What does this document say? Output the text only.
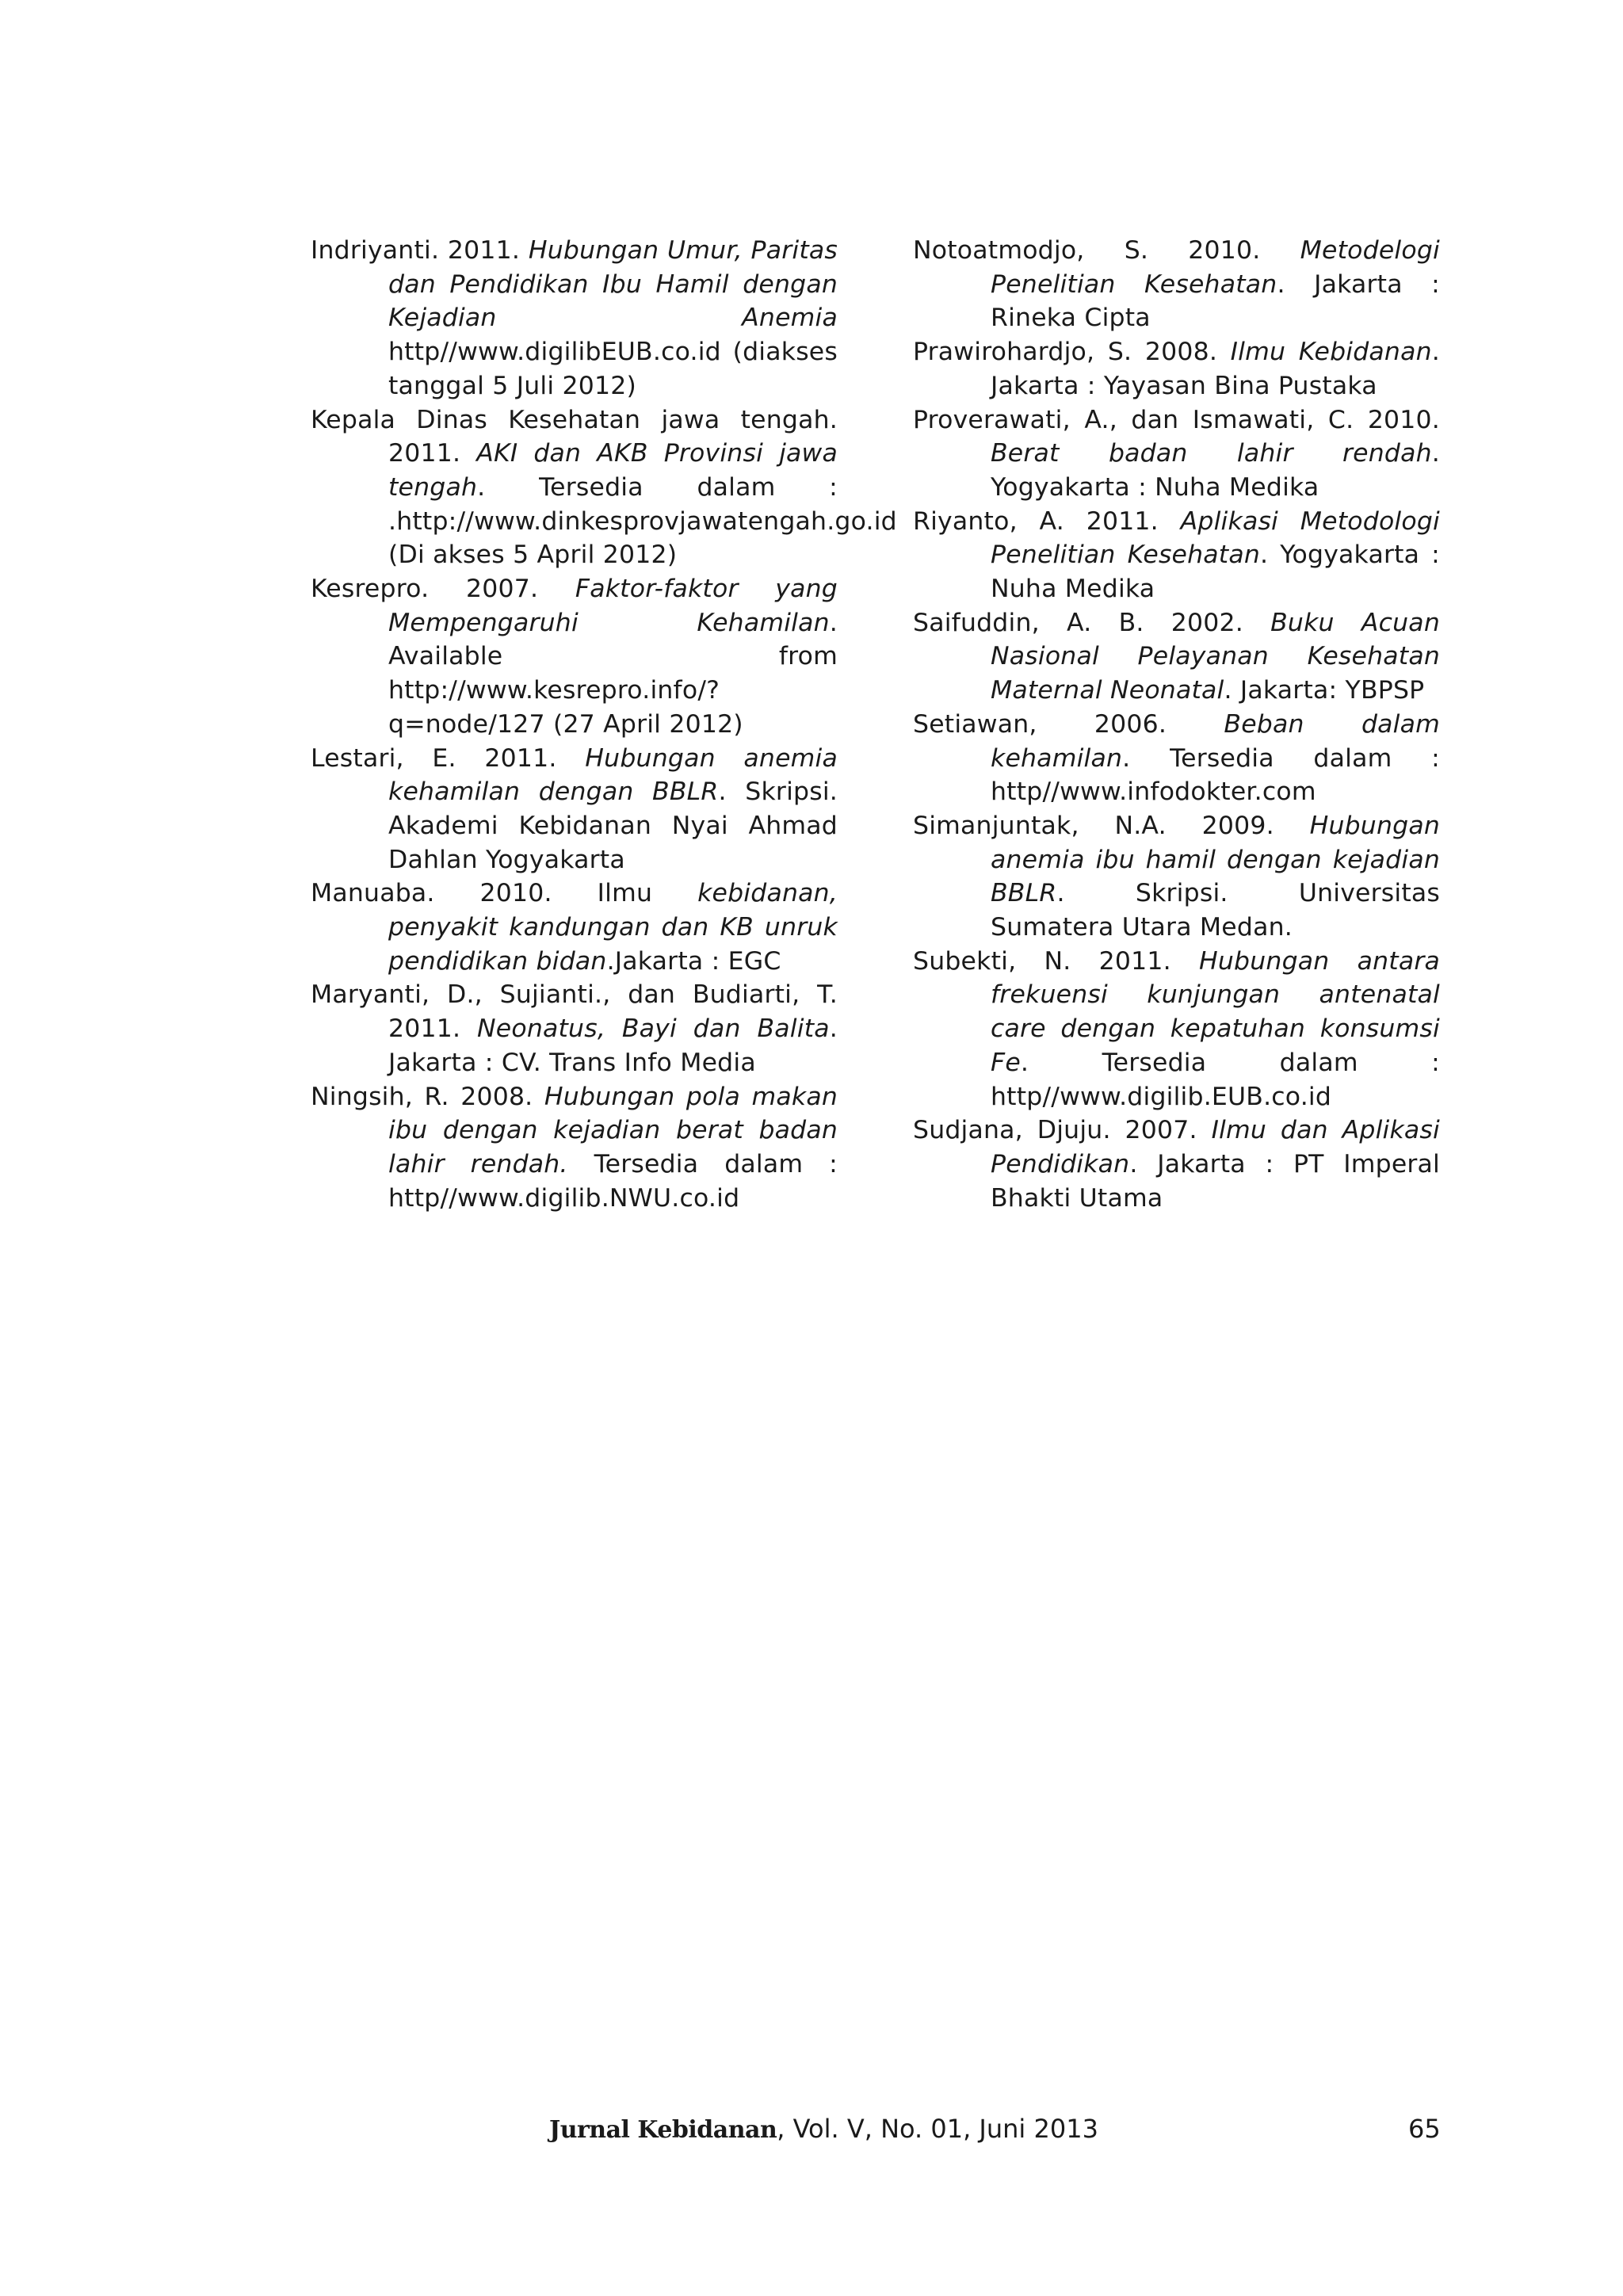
Indriyanti. 2011. Hubungan Umur, Paritas dan Pendidikan Ibu Hamil dengan Kejadian Anemia http//www.digilibEUB.co.id (diakses tanggal 5 Juli 2012)

Kepala Dinas Kesehatan jawa tengah. 2011. AKI dan AKB Provinsi jawa tengah. Tersedia dalam : .http://www.dinkesprovjawatengah.go.id (Di akses 5 April 2012)

Kesrepro. 2007. Faktor-faktor yang Mempengaruhi Kehamilan. Available from http://www.kesrepro.info/?q=node/127 (27 April 2012)

Lestari, E. 2011. Hubungan anemia kehamilan dengan BBLR. Skripsi. Akademi Kebidanan Nyai Ahmad Dahlan Yogyakarta

Manuaba. 2010. Ilmu kebidanan, penyakit kandungan dan KB unruk pendidikan bidan.Jakarta : EGC

Maryanti, D., Sujianti., dan Budiarti, T. 2011. Neonatus, Bayi dan Balita. Jakarta : CV. Trans Info Media

Ningsih, R. 2008. Hubungan pola makan ibu dengan kejadian berat badan lahir rendah. Tersedia dalam : http//www.digilib.NWU.co.id

Notoatmodjo, S. 2010. Metodelogi Penelitian Kesehatan. Jakarta : Rineka Cipta

Prawirohardjo, S. 2008. Ilmu Kebidanan. Jakarta : Yayasan Bina Pustaka

Proverawati, A., dan Ismawati, C. 2010. Berat badan lahir rendah. Yogyakarta : Nuha Medika

Riyanto, A. 2011. Aplikasi Metodologi Penelitian Kesehatan. Yogyakarta : Nuha Medika

Saifuddin, A. B. 2002. Buku Acuan Nasional Pelayanan Kesehatan Maternal Neonatal. Jakarta: YBPSP

Setiawan, 2006. Beban dalam kehamilan. Tersedia dalam : http//www.infodokter.com

Simanjuntak, N.A. 2009. Hubungan anemia ibu hamil dengan kejadian BBLR. Skripsi. Universitas Sumatera Utara Medan.

Subekti, N. 2011. Hubungan antara frekuensi kunjungan antenatal care dengan kepatuhan konsumsi Fe. Tersedia dalam : http//www.digilib.EUB.co.id

Sudjana, Djuju. 2007. Ilmu dan Aplikasi Pendidikan. Jakarta : PT Imperal Bhakti Utama

Jurnal Kebidanan, Vol. V, No. 01, Juni 2013	65
